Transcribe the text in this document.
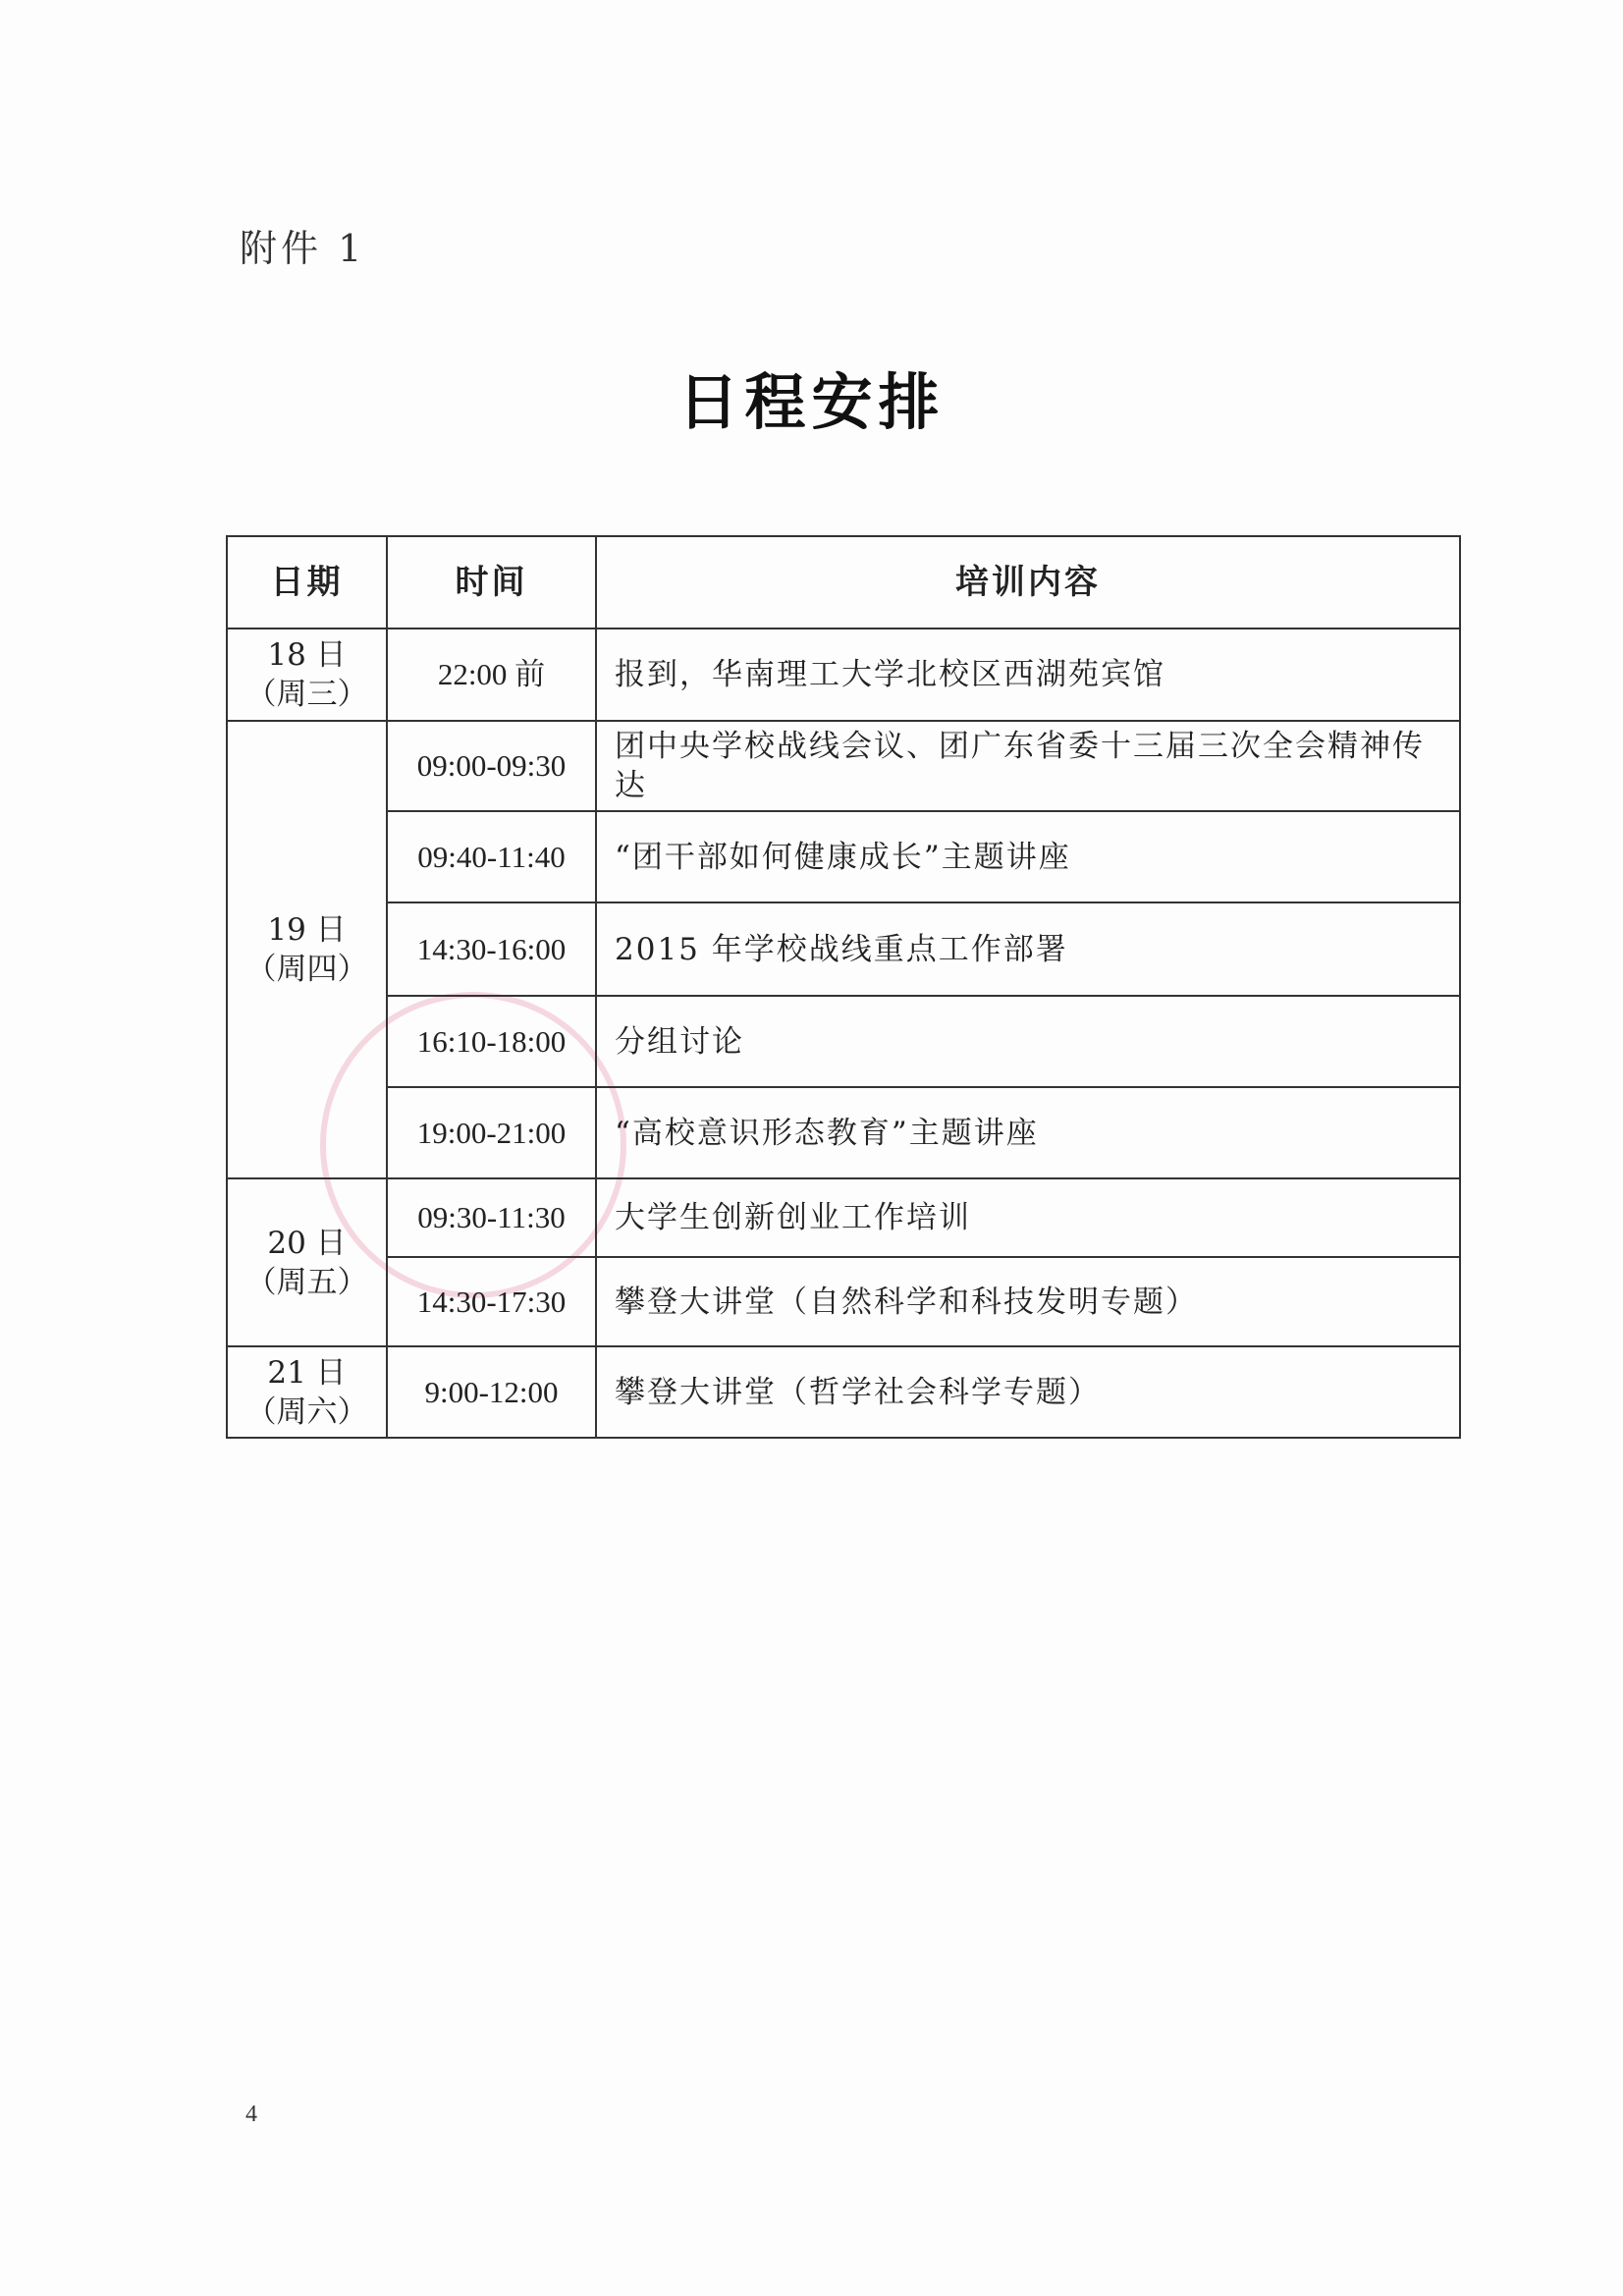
附件 1
日程安排
日期	时间	培训内容

18 日
（周三）	22:00 前	报到，华南理工大学北校区西湖苑宾馆

19 日
（周四）	09:00-09:30	团中央学校战线会议、团广东省委十三届三次全会精神传达
	09:40-11:40	“团干部如何健康成长”主题讲座
	14:30-16:00	2015 年学校战线重点工作部署
	16:10-18:00	分组讨论
	19:00-21:00	“高校意识形态教育”主题讲座

20 日
（周五）	09:30-11:30	大学生创新创业工作培训
	14:30-17:30	攀登大讲堂（自然科学和科技发明专题）

21 日
（周六）	9:00-12:00	攀登大讲堂（哲学社会科学专题）
4
